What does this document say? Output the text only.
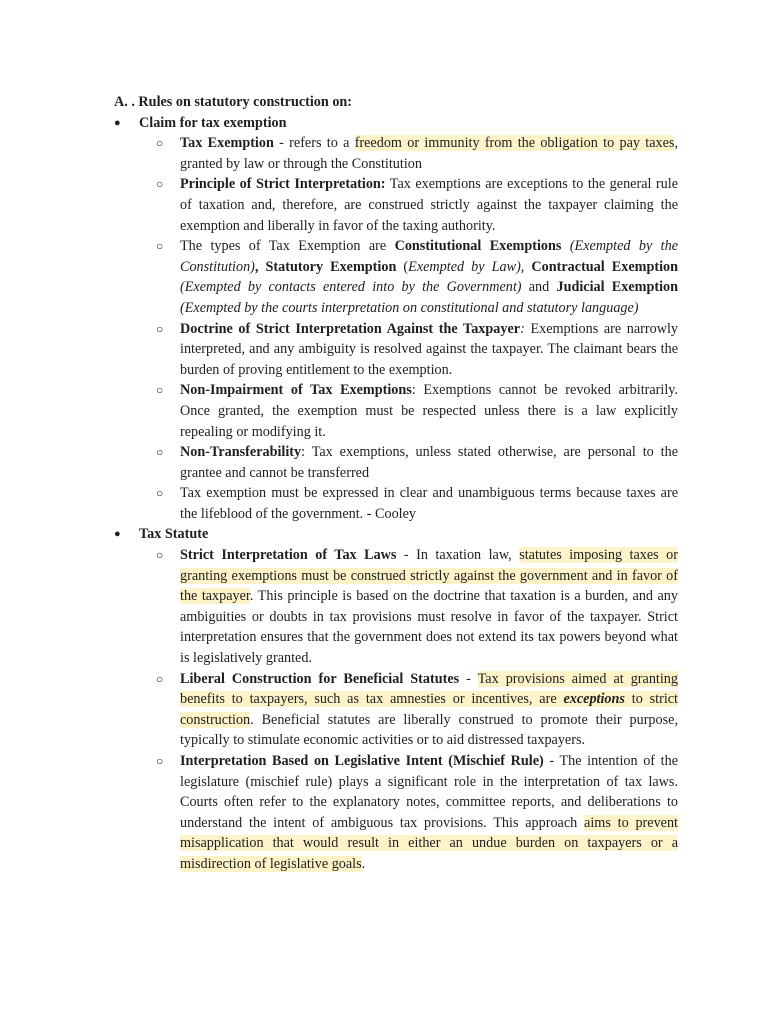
A. . Rules on statutory construction on:

● Claim for tax exemption
○ Tax Exemption - refers to a freedom or immunity from the obligation to pay taxes, granted by law or through the Constitution
○ Principle of Strict Interpretation: Tax exemptions are exceptions to the general rule of taxation and, therefore, are construed strictly against the taxpayer claiming the exemption and liberally in favor of the taxing authority.
○ The types of Tax Exemption are Constitutional Exemptions (Exempted by the Constitution), Statutory Exemption (Exempted by Law), Contractual Exemption (Exempted by contacts entered into by the Government) and Judicial Exemption (Exempted by the courts interpretation on constitutional and statutory language)
○ Doctrine of Strict Interpretation Against the Taxpayer: Exemptions are narrowly interpreted, and any ambiguity is resolved against the taxpayer. The claimant bears the burden of proving entitlement to the exemption.
○ Non-Impairment of Tax Exemptions: Exemptions cannot be revoked arbitrarily. Once granted, the exemption must be respected unless there is a law explicitly repealing or modifying it.
○ Non-Transferability: Tax exemptions, unless stated otherwise, are personal to the grantee and cannot be transferred
○ Tax exemption must be expressed in clear and unambiguous terms because taxes are the lifeblood of the government. - Cooley
● Tax Statute
○ Strict Interpretation of Tax Laws - In taxation law, statutes imposing taxes or granting exemptions must be construed strictly against the government and in favor of the taxpayer. This principle is based on the doctrine that taxation is a burden, and any ambiguities or doubts in tax provisions must resolve in favor of the taxpayer. Strict interpretation ensures that the government does not extend its tax powers beyond what is legislatively granted.
○ Liberal Construction for Beneficial Statutes - Tax provisions aimed at granting benefits to taxpayers, such as tax amnesties or incentives, are exceptions to strict construction. Beneficial statutes are liberally construed to promote their purpose, typically to stimulate economic activities or to aid distressed taxpayers.
○ Interpretation Based on Legislative Intent (Mischief Rule) - The intention of the legislature (mischief rule) plays a significant role in the interpretation of tax laws. Courts often refer to the explanatory notes, committee reports, and deliberations to understand the intent of ambiguous tax provisions. This approach aims to prevent misapplication that would result in either an undue burden on taxpayers or a misdirection of legislative goals.
